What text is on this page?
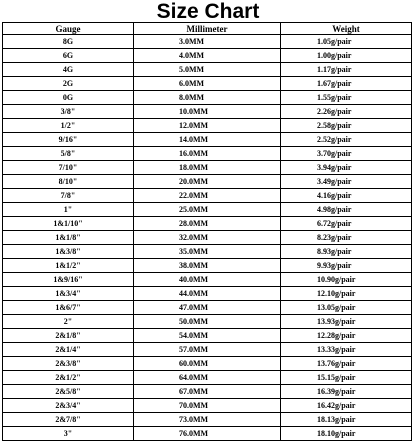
Size Chart
Gauge	Millimeter	Weight
8G	3.0MM	1.05g/pair
6G	4.0MM	1.00g/pair
4G	5.0MM	1.17g/pair
2G	6.0MM	1.67g/pair
0G	8.0MM	1.55g/pair
3/8"	10.0MM	2.26g/pair
1/2"	12.0MM	2.58g/pair
9/16"	14.0MM	2.52g/pair
5/8"	16.0MM	3.70g/pair
7/10"	18.0MM	3.94g/pair
8/10"	20.0MM	3.49g/pair
7/8"	22.0MM	4.16g/pair
1"	25.0MM	4.98g/pair
1&1/10"	28.0MM	6.72g/pair
1&1/8"	32.0MM	8.23g/pair
1&3/8"	35.0MM	8.93g/pair
1&1/2"	38.0MM	9.93g/pair
1&9/16"	40.0MM	10.90g/pair
1&3/4"	44.0MM	12.10g/pair
1&6/7"	47.0MM	13.05g/pair
2"	50.0MM	13.93g/pair
2&1/8"	54.0MM	12.28g/pair
2&1/4"	57.0MM	13.33g/pair
2&3/8"	60.0MM	13.76g/pair
2&1/2"	64.0MM	15.15g/pair
2&5/8"	67.0MM	16.39g/pair
2&3/4"	70.0MM	16.42g/pair
2&7/8"	73.0MM	18.13g/pair
3"	76.0MM	18.10g/pair
